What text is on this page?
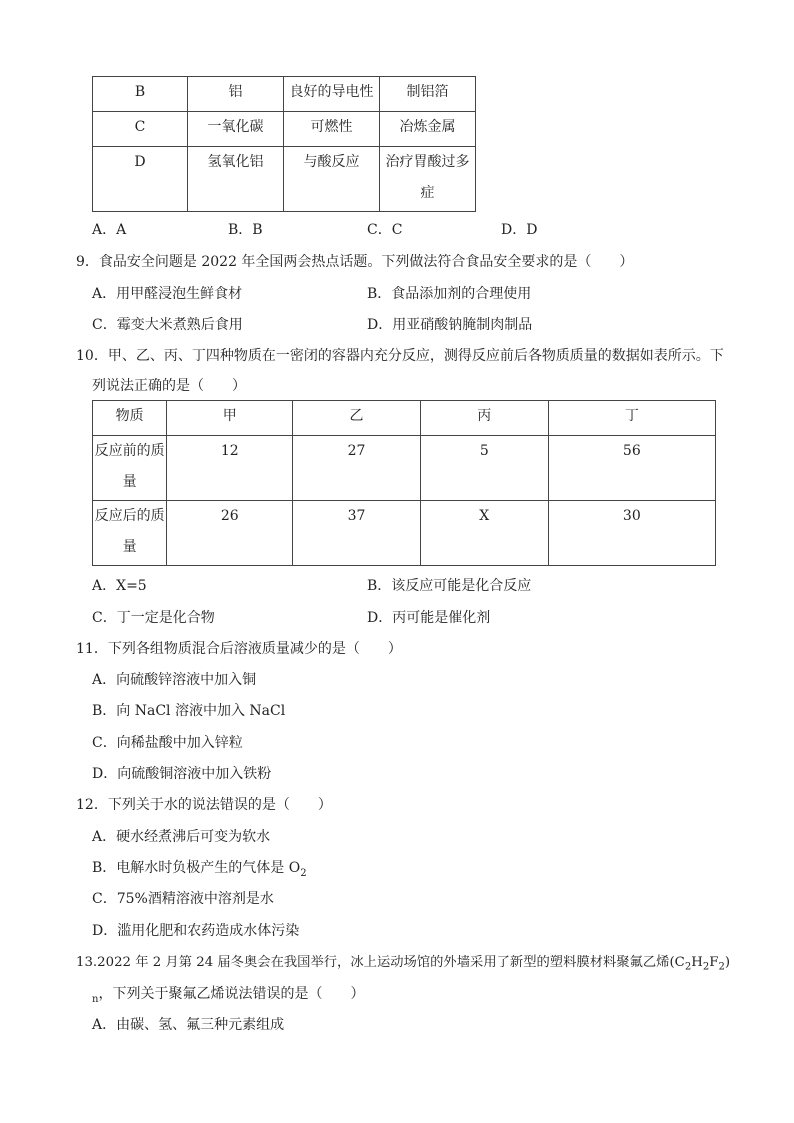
B	铝	良好的导电性	制铝箔
C	一氧化碳	可燃性	冶炼金属
D	氢氧化铝	与酸反应	治疗胃酸过多症
A．A	B．B	C．C	D．D
9．食品安全问题是 2022 年全国两会热点话题。下列做法符合食品安全要求的是（　　）
A．用甲醛浸泡生鲜食材	B．食品添加剂的合理使用
C．霉变大米煮熟后食用	D．用亚硝酸钠腌制肉制品
10．甲、乙、丙、丁四种物质在一密闭的容器内充分反应，测得反应前后各物质质量的数据如表所示。下
列说法正确的是（　　）
物质	甲	乙	丙	丁
反应前的质量	12	27	5	56
反应后的质量	26	37	X	30
A．X=5	B．该反应可能是化合反应
C．丁一定是化合物	D．丙可能是催化剂
11．下列各组物质混合后溶液质量减少的是（　　）
A．向硫酸锌溶液中加入铜
B．向 NaCl 溶液中加入 NaCl
C．向稀盐酸中加入锌粒
D．向硫酸铜溶液中加入铁粉
12．下列关于水的说法错误的是（　　）
A．硬水经煮沸后可变为软水
B．电解水时负极产生的气体是 $O_2$
C．75%酒精溶液中溶剂是水
D．滥用化肥和农药造成水体污染
13.2022 年 2 月第 24 届冬奥会在我国举行，冰上运动场馆的外墙采用了新型的塑料膜材料聚氟乙烯$(C_2H_2F_2)$
$_n$，下列关于聚氟乙烯说法错误的是（　　）
A．由碳、氢、氟三种元素组成
